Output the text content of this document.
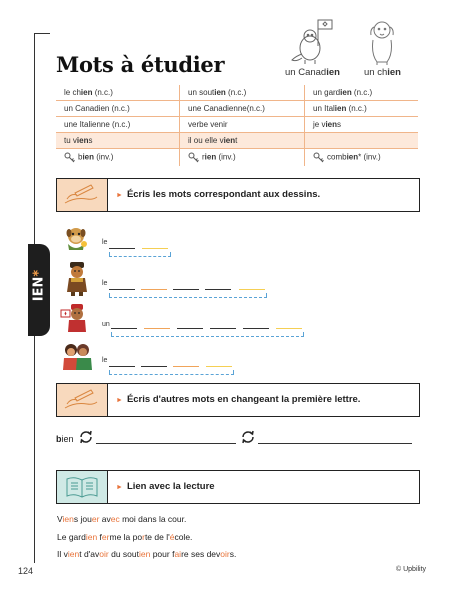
IEN*
Mots à étudier	un Canadien	un chien
le chien (n.c.)	un soutien (n.c.)	un gardien (n.c.)
un Canadien (n.c.)	une Canadienne(n.c.)	un Italien (n.c.)
une Italienne (n.c.)	verbe venir	je viens
tu viens	il ou elle vient	
bien (inv.)	rien (inv.)	combien* (inv.)
► Écris les mots correspondant aux dessins.
le
le
un
le
► Écris d'autres mots en changeant la première lettre.
bien
► Lien avec la lecture
Viens jouer avec moi dans la cour.
Le gardien ferme la porte de l'école.
Il vient d'avoir du soutien pour faire ses devoirs.
124	© Upbility
